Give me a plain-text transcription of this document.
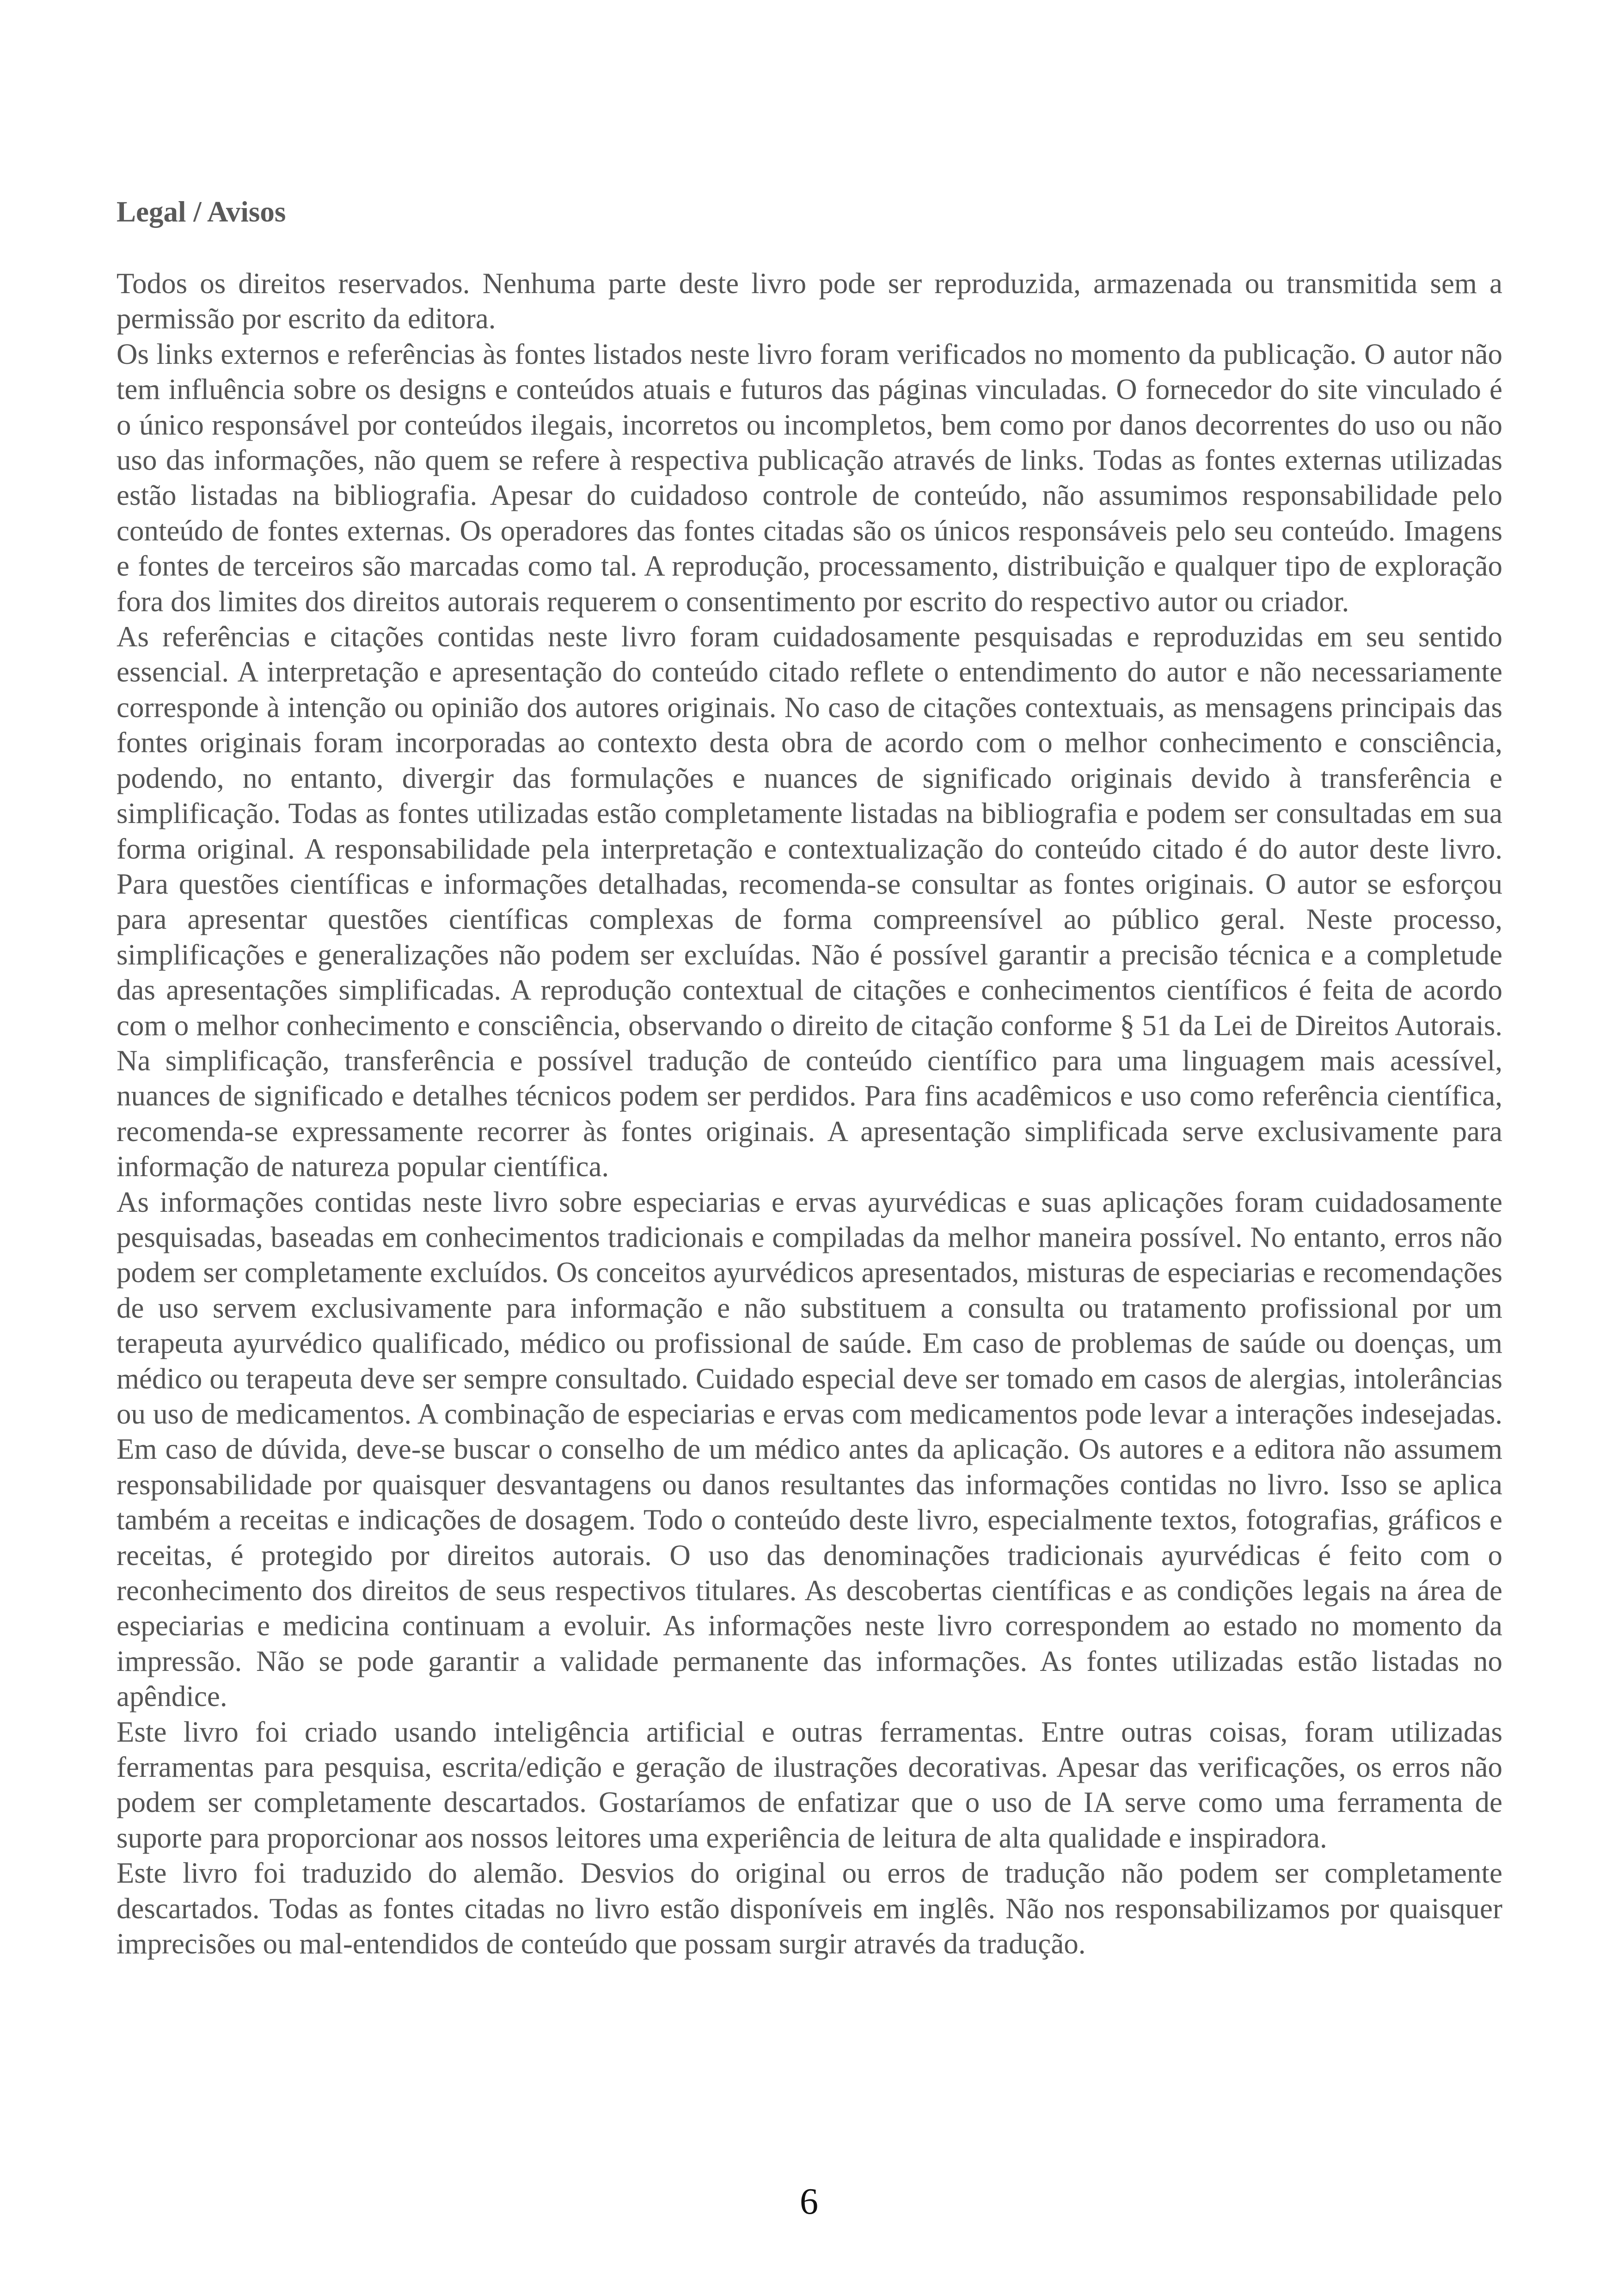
Legal / Avisos

Todos os direitos reservados. Nenhuma parte deste livro pode ser reproduzida, armazenada ou transmitida sem a permissão por escrito da editora.

Os links externos e referências às fontes listados neste livro foram verificados no momento da publicação. O autor não tem influência sobre os designs e conteúdos atuais e futuros das páginas vinculadas. O fornecedor do site vinculado é o único responsável por conteúdos ilegais, incorretos ou incompletos, bem como por danos decorrentes do uso ou não uso das informações, não quem se refere à respectiva publicação através de links. Todas as fontes externas utilizadas estão listadas na bibliografia. Apesar do cuidadoso controle de conteúdo, não assumimos responsabilidade pelo conteúdo de fontes externas. Os operadores das fontes citadas são os únicos responsáveis pelo seu conteúdo. Imagens e fontes de terceiros são marcadas como tal. A reprodução, processamento, distribuição e qualquer tipo de exploração fora dos limites dos direitos autorais requerem o consentimento por escrito do respectivo autor ou criador.

As referências e citações contidas neste livro foram cuidadosamente pesquisadas e reproduzidas em seu sentido essencial. A interpretação e apresentação do conteúdo citado reflete o entendimento do autor e não necessariamente corresponde à intenção ou opinião dos autores originais. No caso de citações contextuais, as mensagens principais das fontes originais foram incorporadas ao contexto desta obra de acordo com o melhor conhecimento e consciência, podendo, no entanto, divergir das formulações e nuances de significado originais devido à transferência e simplificação. Todas as fontes utilizadas estão completamente listadas na bibliografia e podem ser consultadas em sua forma original. A responsabilidade pela interpretação e contextualização do conteúdo citado é do autor deste livro. Para questões científicas e informações detalhadas, recomenda-se consultar as fontes originais. O autor se esforçou para apresentar questões científicas complexas de forma compreensível ao público geral. Neste processo, simplificações e generalizações não podem ser excluídas. Não é possível garantir a precisão técnica e a completude das apresentações simplificadas. A reprodução contextual de citações e conhecimentos científicos é feita de acordo com o melhor conhecimento e consciência, observando o direito de citação conforme § 51 da Lei de Direitos Autorais. Na simplificação, transferência e possível tradução de conteúdo científico para uma linguagem mais acessível, nuances de significado e detalhes técnicos podem ser perdidos. Para fins acadêmicos e uso como referência científica, recomenda-se expressamente recorrer às fontes originais. A apresentação simplificada serve exclusivamente para informação de natureza popular científica.

As informações contidas neste livro sobre especiarias e ervas ayurvédicas e suas aplicações foram cuidadosamente pesquisadas, baseadas em conhecimentos tradicionais e compiladas da melhor maneira possível. No entanto, erros não podem ser completamente excluídos. Os conceitos ayurvédicos apresentados, misturas de especiarias e recomendações de uso servem exclusivamente para informação e não substituem a consulta ou tratamento profissional por um terapeuta ayurvédico qualificado, médico ou profissional de saúde. Em caso de problemas de saúde ou doenças, um médico ou terapeuta deve ser sempre consultado. Cuidado especial deve ser tomado em casos de alergias, intolerâncias ou uso de medicamentos. A combinação de especiarias e ervas com medicamentos pode levar a interações indesejadas. Em caso de dúvida, deve-se buscar o conselho de um médico antes da aplicação. Os autores e a editora não assumem responsabilidade por quaisquer desvantagens ou danos resultantes das informações contidas no livro. Isso se aplica também a receitas e indicações de dosagem. Todo o conteúdo deste livro, especialmente textos, fotografias, gráficos e receitas, é protegido por direitos autorais. O uso das denominações tradicionais ayurvédicas é feito com o reconhecimento dos direitos de seus respectivos titulares. As descobertas científicas e as condições legais na área de especiarias e medicina continuam a evoluir. As informações neste livro correspondem ao estado no momento da impressão. Não se pode garantir a validade permanente das informações. As fontes utilizadas estão listadas no apêndice.

Este livro foi criado usando inteligência artificial e outras ferramentas. Entre outras coisas, foram utilizadas ferramentas para pesquisa, escrita/edição e geração de ilustrações decorativas. Apesar das verificações, os erros não podem ser completamente descartados. Gostaríamos de enfatizar que o uso de IA serve como uma ferramenta de suporte para proporcionar aos nossos leitores uma experiência de leitura de alta qualidade e inspiradora.

Este livro foi traduzido do alemão. Desvios do original ou erros de tradução não podem ser completamente descartados. Todas as fontes citadas no livro estão disponíveis em inglês. Não nos responsabilizamos por quaisquer imprecisões ou mal-entendidos de conteúdo que possam surgir através da tradução.

6
